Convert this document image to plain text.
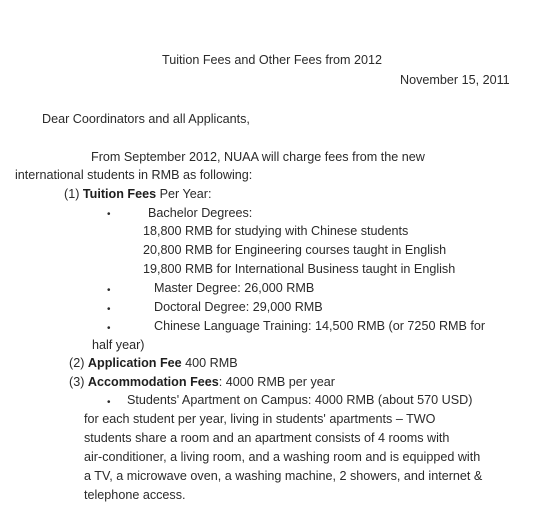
Tuition Fees and Other Fees from 2012
November 15, 2011
Dear Coordinators and all Applicants,
From September 2012, NUAA will charge fees from the new
international students in RMB as following:
(1) Tuition Fees Per Year:
•	Bachelor Degrees:
18,800 RMB for studying with Chinese students
20,800 RMB for Engineering courses taught in English
19,800 RMB for International Business taught in English
•	Master Degree: 26,000 RMB
•	Doctoral Degree: 29,000 RMB
•	Chinese Language Training: 14,500 RMB (or 7250 RMB for
half year)
(2) Application Fee 400 RMB
(3) Accommodation Fees: 4000 RMB per year
• Students' Apartment on Campus: 4000 RMB (about 570 USD)
for each student per year, living in students' apartments – TWO
students share a room and an apartment consists of 4 rooms with
air-conditioner, a living room, and a washing room and is equipped with
a TV, a microwave oven, a washing machine, 2 showers, and internet &
telephone access.
